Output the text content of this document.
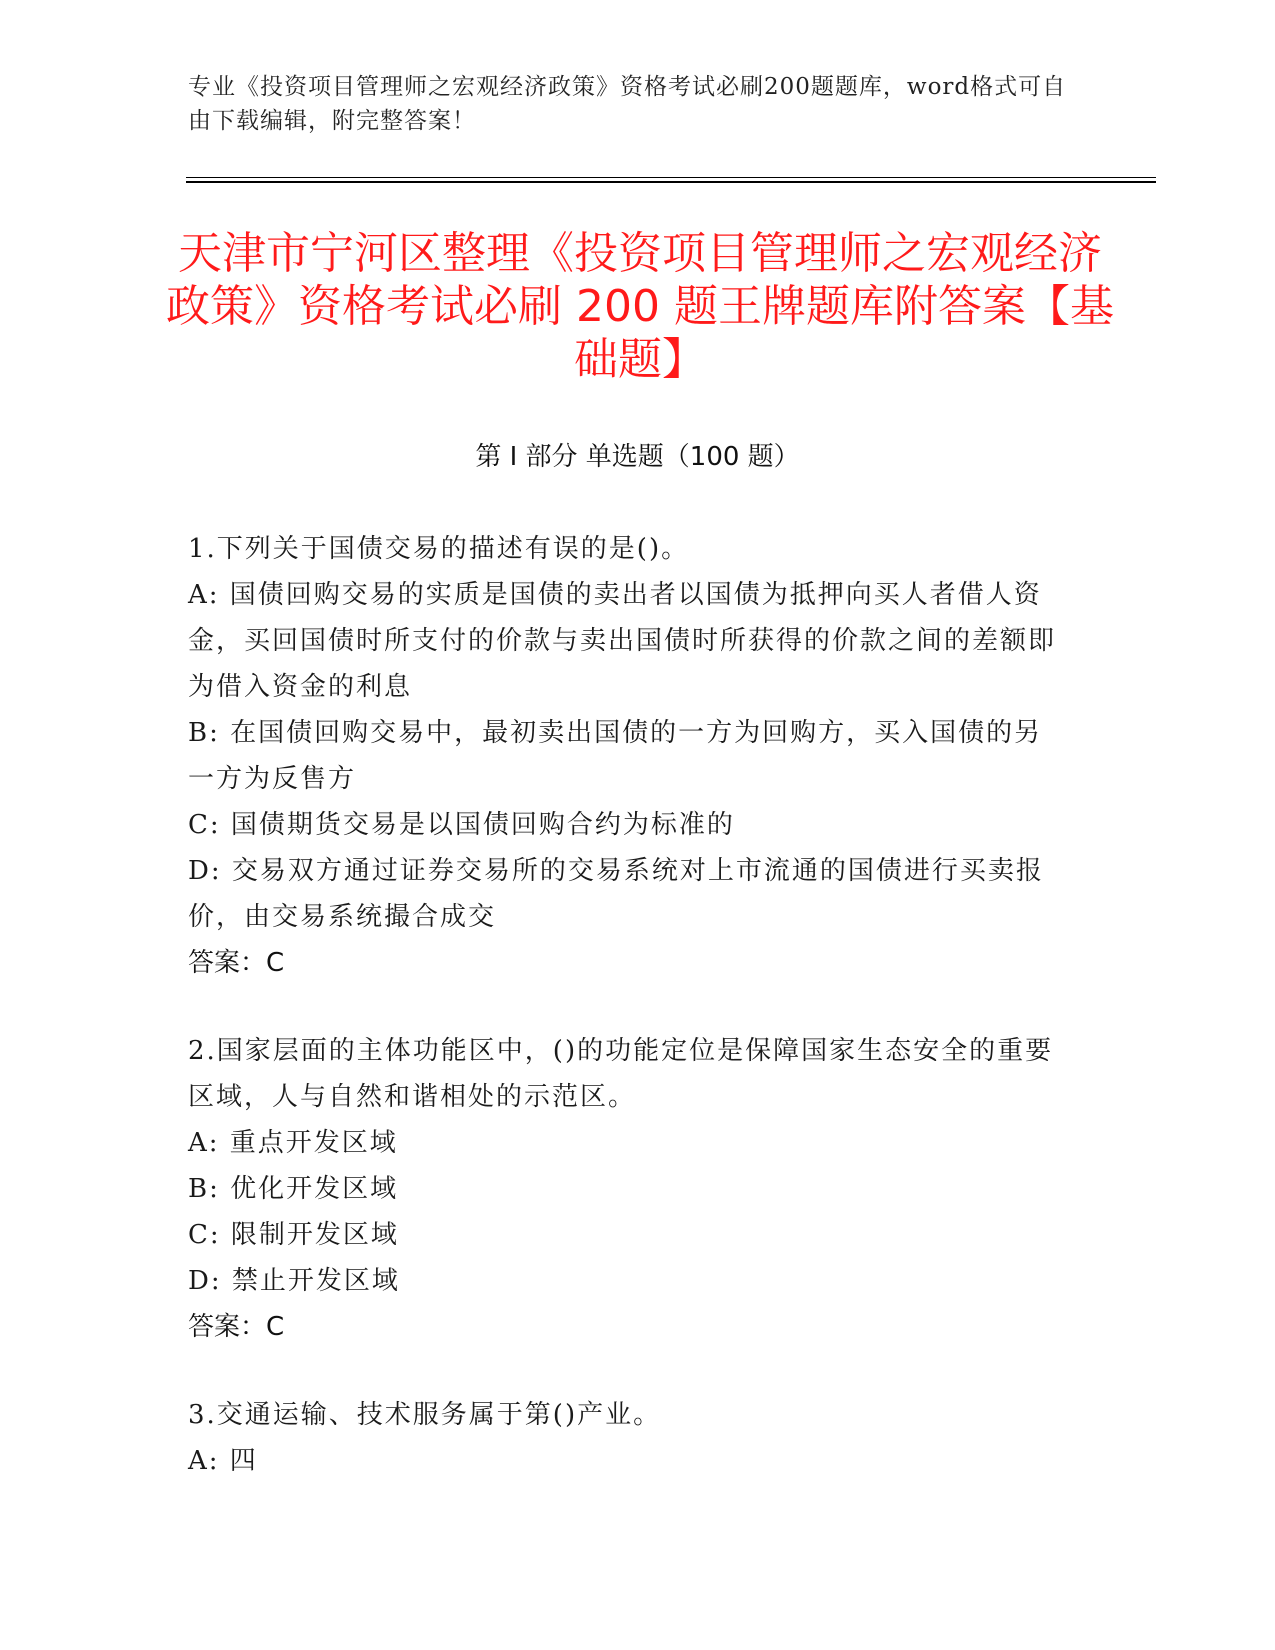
专业《投资项目管理师之宏观经济政策》资格考试必刷200题题库，word格式可自由下载编辑，附完整答案！
天津市宁河区整理《投资项目管理师之宏观经济政策》资格考试必刷 200 题王牌题库附答案【基础题】
第 I 部分 单选题（100 题）
1.下列关于国债交易的描述有误的是()。
A: 国债回购交易的实质是国债的卖出者以国债为抵押向买人者借人资金，买回国债时所支付的价款与卖出国债时所获得的价款之间的差额即为借入资金的利息
B: 在国债回购交易中，最初卖出国债的一方为回购方，买入国债的另一方为反售方
C: 国债期货交易是以国债回购合约为标准的
D: 交易双方通过证券交易所的交易系统对上市流通的国债进行买卖报价，由交易系统撮合成交
答案：C
2.国家层面的主体功能区中，()的功能定位是保障国家生态安全的重要区域，人与自然和谐相处的示范区。
A: 重点开发区域
B: 优化开发区域
C: 限制开发区域
D: 禁止开发区域
答案：C
3.交通运输、技术服务属于第()产业。
A: 四
